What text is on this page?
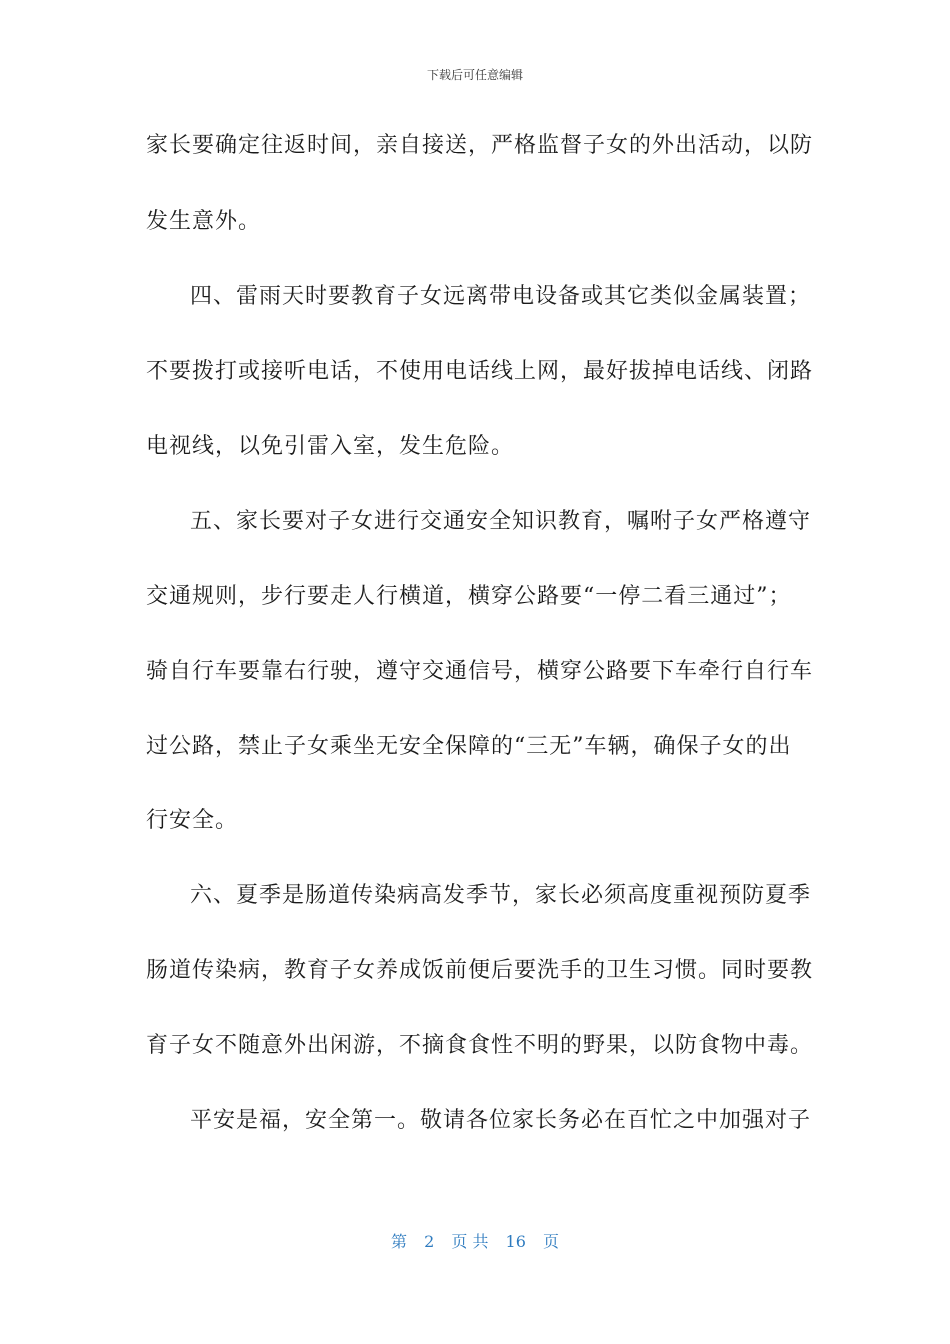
下载后可任意编辑
家长要确定往返时间，亲自接送，严格监督子女的外出活动，以防
发生意外。
四、雷雨天时要教育子女远离带电设备或其它类似金属装置；
不要拨打或接听电话，不使用电话线上网，最好拔掉电话线、闭路
电视线，以免引雷入室，发生危险。
五、家长要对子女进行交通安全知识教育，嘱咐子女严格遵守
交通规则，步行要走人行横道，横穿公路要“一停二看三通过”；
骑自行车要靠右行驶，遵守交通信号，横穿公路要下车牵行自行车
过公路，禁止子女乘坐无安全保障的“三无”车辆，确保子女的出
行安全。
六、夏季是肠道传染病高发季节，家长必须高度重视预防夏季
肠道传染病，教育子女养成饭前便后要洗手的卫生习惯。同时要教
育子女不随意外出闲游，不摘食食性不明的野果，以防食物中毒。
平安是福，安全第一。敬请各位家长务必在百忙之中加强对子
第 2 页 共 16 页
